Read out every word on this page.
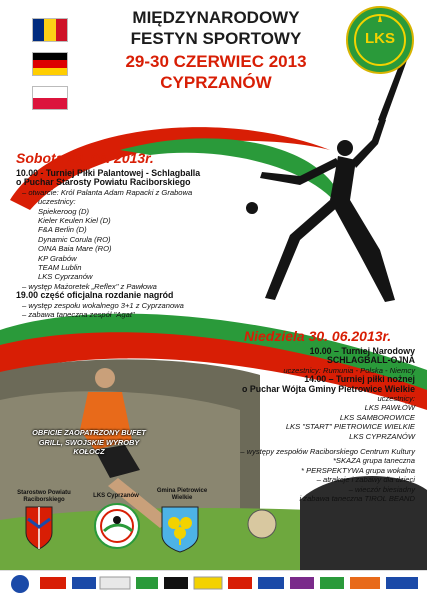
MIĘDZYNARODOWY
FESTYN SPORTOWY
29-30 CZERWIEC 2013
CYPRZANÓW
LKS
Sobota 29. 06. 2013r.
10.00 - Turniej Piłki Palantowej - Schlagballa
o Puchar Starosty Powiatu Raciborskiego
– otwarcie: Król Palanta Adam Rapacki z Grabowa
uczestnicy:
Spiekeroog (D)
Kieler Keulen Kiel (D)
F&A Berlin (D)
Dynamic Corula (RO)
OINA Baia Mare (RO)
KP Grabów
TEAM Lublin
LKS Cyprzanów
– występ Mażoretek „Reflex" z Pawłowa
19.00 część oficjalna rozdanie nagród
– występ zespołu wokalnego 3+1 z Cyprzanowa
– zabawa taneczna zespół "Agat"
Niedziela 30. 06.2013r.
10.00 – Turniej Narodowy
SCHLAGBALL-OJNA
uczestnicy: Rumunia - Polska - Niemcy
14.00 – Turniej piłki nożnej
o Puchar Wójta Gminy Pietrowice Wielkie
uczestnicy:
LKS PAWŁÓW
LKS SAMBOROWICE
LKS "START" PIETROWICE WIELKIE
LKS CYPRZANÓW
– występy zespołów Raciborskiego Centrum Kultury
*SKAZA grupa taneczna
* PERSPEKTYWA grupa wokalna
– atrakcje i zabawy dla dzieci
– wieczór biesiadny
i zabawa taneczna TIROL BEAND
OBFICIE ZAOPATRZONY BUFET
GRILL, SWOJSKIE WYROBY
KOŁOCZ
Starostwo Powiatu
Raciborskiego
LKS Cyprzanów
Gmina Pietrowice
Wielkie
